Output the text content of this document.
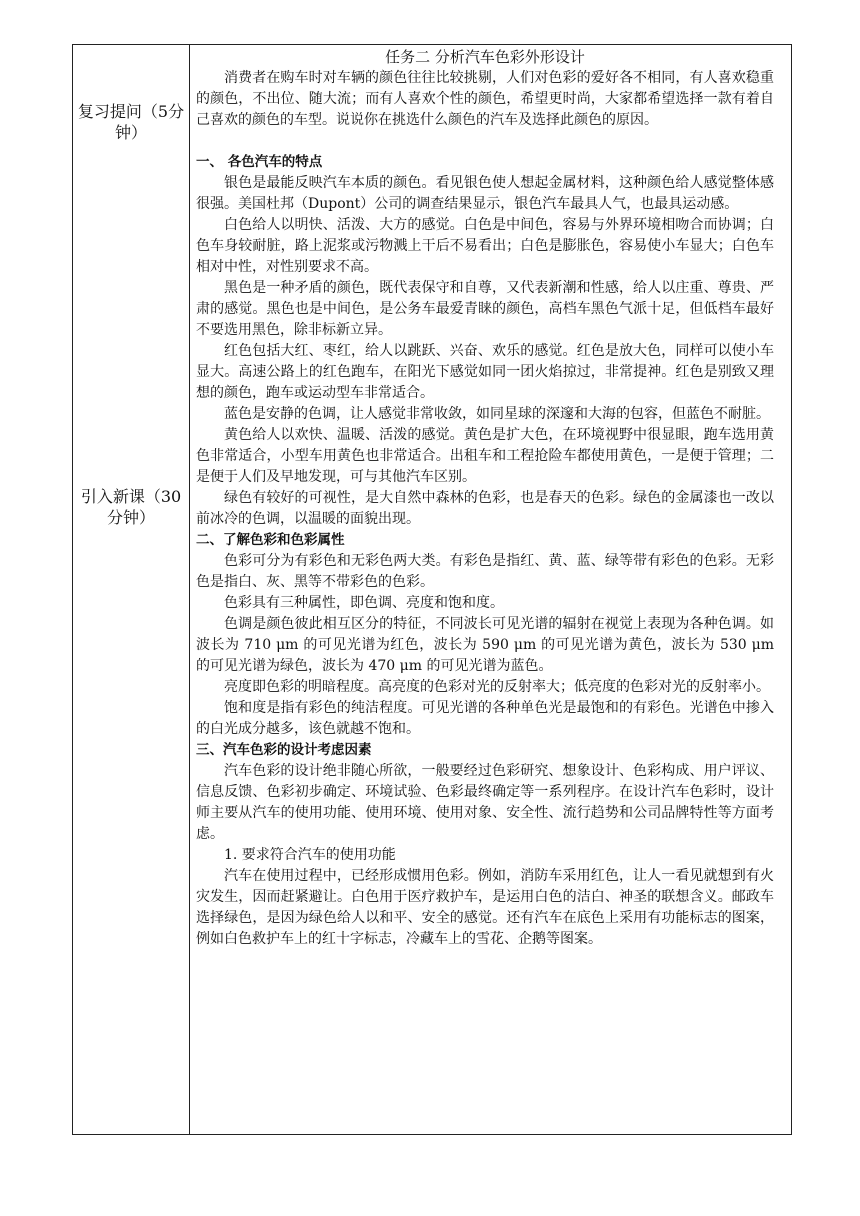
复习提问（5分钟）
引入新课（30分钟）

任务二 分析汽车色彩外形设计

消费者在购车时对车辆的颜色往往比较挑剔，人们对色彩的爱好各不相同，有人喜欢稳重的颜色，不出位、随大流；而有人喜欢个性的颜色，希望更时尚，大家都希望选择一款有着自己喜欢的颜色的车型。说说你在挑选什么颜色的汽车及选择此颜色的原因。

一、 各色汽车的特点

银色是最能反映汽车本质的颜色。看见银色使人想起金属材料，这种颜色给人感觉整体感很强。美国杜邦（Dupont）公司的调查结果显示，银色汽车最具人气，也最具运动感。

白色给人以明快、活泼、大方的感觉。白色是中间色，容易与外界环境相吻合而协调；白色车身较耐脏，路上泥浆或污物溅上干后不易看出；白色是膨胀色，容易使小车显大；白色车相对中性，对性别要求不高。

黑色是一种矛盾的颜色，既代表保守和自尊，又代表新潮和性感，给人以庄重、尊贵、严肃的感觉。黑色也是中间色，是公务车最爱青睐的颜色，高档车黑色气派十足，但低档车最好不要选用黑色，除非标新立异。

红色包括大红、枣红，给人以跳跃、兴奋、欢乐的感觉。红色是放大色，同样可以使小车显大。高速公路上的红色跑车，在阳光下感觉如同一团火焰掠过，非常提神。红色是别致又理想的颜色，跑车或运动型车非常适合。

蓝色是安静的色调，让人感觉非常收敛，如同星球的深邃和大海的包容，但蓝色不耐脏。

黄色给人以欢快、温暖、活泼的感觉。黄色是扩大色，在环境视野中很显眼，跑车选用黄色非常适合，小型车用黄色也非常适合。出租车和工程抢险车都使用黄色，一是便于管理；二是便于人们及早地发现，可与其他汽车区别。

绿色有较好的可视性，是大自然中森林的色彩，也是春天的色彩。绿色的金属漆也一改以前冰冷的色调，以温暖的面貌出现。

二、了解色彩和色彩属性

色彩可分为有彩色和无彩色两大类。有彩色是指红、黄、蓝、绿等带有彩色的色彩。无彩色是指白、灰、黑等不带彩色的色彩。

色彩具有三种属性，即色调、亮度和饱和度。

色调是颜色彼此相互区分的特征，不同波长可见光谱的辐射在视觉上表现为各种色调。如波长为 710 μm 的可见光谱为红色，波长为 590 μm 的可见光谱为黄色，波长为 530 μm 的可见光谱为绿色，波长为 470 μm 的可见光谱为蓝色。

亮度即色彩的明暗程度。高亮度的色彩对光的反射率大；低亮度的色彩对光的反射率小。

饱和度是指有彩色的纯洁程度。可见光谱的各种单色光是最饱和的有彩色。光谱色中掺入的白光成分越多，该色就越不饱和。

三、汽车色彩的设计考虑因素

汽车色彩的设计绝非随心所欲，一般要经过色彩研究、想象设计、色彩构成、用户评议、信息反馈、色彩初步确定、环境试验、色彩最终确定等一系列程序。在设计汽车色彩时，设计师主要从汽车的使用功能、使用环境、使用对象、安全性、流行趋势和公司品牌特性等方面考虑。

1. 要求符合汽车的使用功能

汽车在使用过程中，已经形成惯用色彩。例如，消防车采用红色，让人一看见就想到有火灾发生，因而赶紧避让。白色用于医疗救护车，是运用白色的洁白、神圣的联想含义。邮政车选择绿色，是因为绿色给人以和平、安全的感觉。还有汽车在底色上采用有功能标志的图案，例如白色救护车上的红十字标志，冷藏车上的雪花、企鹅等图案。
